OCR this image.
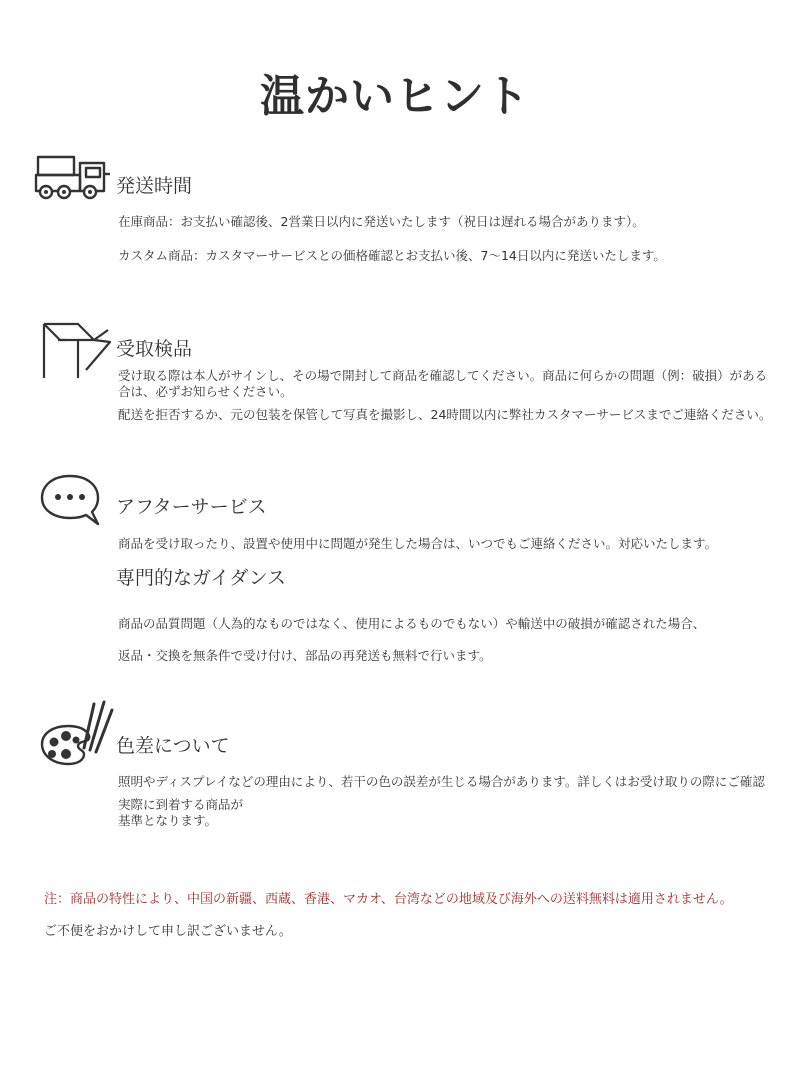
温かいヒント
発送時間
在庫商品：お支払い確認後、2営業日以内に発送いたします（祝日は遅れる場合があります）。
カスタム商品：カスタマーサービスとの価格確認とお支払い後、7〜14日以内に発送いたします。
受取検品
受け取る際は本人がサインし、その場で開封して商品を確認してください。商品に何らかの問題（例：破損）がある
合は、必ずお知らせください。
配送を拒否するか、元の包装を保管して写真を撮影し、24時間以内に弊社カスタマーサービスまでご連絡ください。
アフターサービス
商品を受け取ったり、設置や使用中に問題が発生した場合は、いつでもご連絡ください。対応いたします。
専門的なガイダンス
商品の品質問題（人為的なものではなく、使用によるものでもない）や輸送中の破損が確認された場合、
返品・交換を無条件で受け付け、部品の再発送も無料で行います。
色差について
照明やディスプレイなどの理由により、若干の色の誤差が生じる場合があります。詳しくはお受け取りの際にご確認
実際に到着する商品が
基準となります。
注：商品の特性により、中国の新疆、西蔵、香港、マカオ、台湾などの地域及び海外への送料無料は適用されません。
ご不便をおかけして申し訳ございません。
